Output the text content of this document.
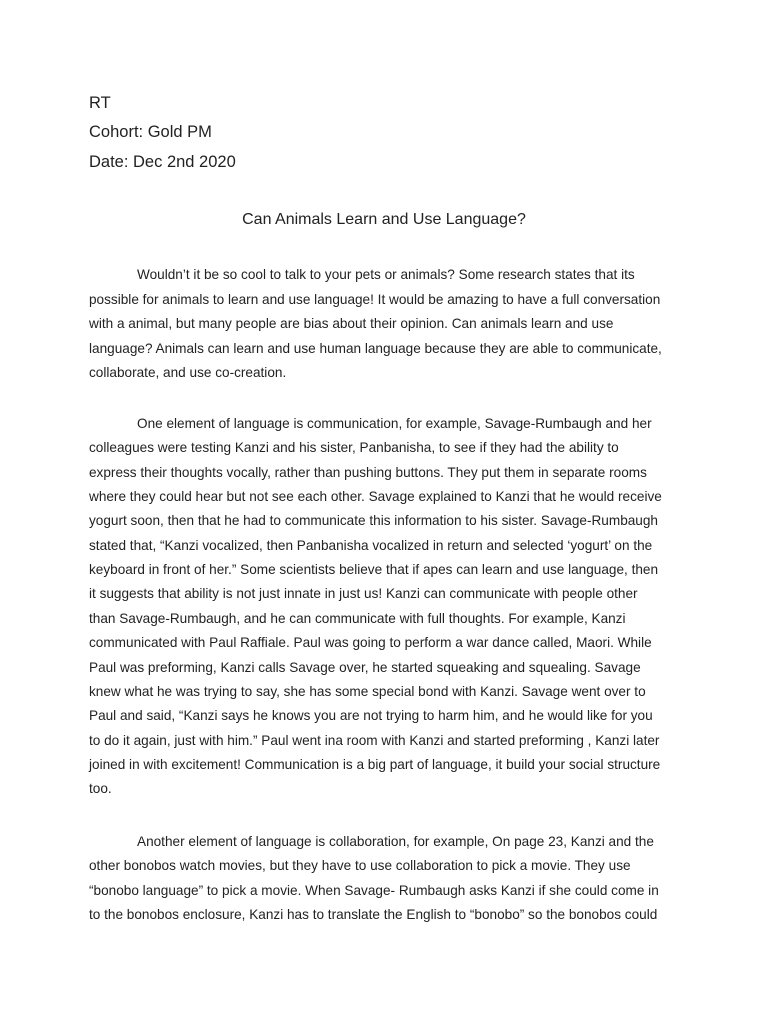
RT
Cohort: Gold PM
Date: Dec 2nd 2020
Can Animals Learn and Use Language?
Wouldn’t it be so cool to talk to your pets or animals? Some research states that its
possible for animals to learn and use language! It would be amazing to have a full conversation
with a animal, but many people are bias about their opinion. Can animals learn and use
language? Animals can learn and use human language because they are able to communicate,
collaborate, and use co-creation.
One element of language is communication, for example, Savage-Rumbaugh and her
colleagues were testing Kanzi and his sister, Panbanisha, to see if they had the ability to
express their thoughts vocally, rather than pushing buttons. They put them in separate rooms
where they could hear but not see each other. Savage explained to Kanzi that he would receive
yogurt soon, then that he had to communicate this information to his sister. Savage-Rumbaugh
stated that, “Kanzi vocalized, then Panbanisha vocalized in return and selected ‘yogurt’ on the
keyboard in front of her.” Some scientists believe that if apes can learn and use language, then
it suggests that ability is not just innate in just us! Kanzi can communicate with people other
than Savage-Rumbaugh, and he can communicate with full thoughts. For example, Kanzi
communicated with Paul Raffiale. Paul was going to perform a war dance called, Maori. While
Paul was preforming, Kanzi calls Savage over, he started squeaking and squealing. Savage
knew what he was trying to say, she has some special bond with Kanzi. Savage went over to
Paul and said, “Kanzi says he knows you are not trying to harm him, and he would like for you
to do it again, just with him.” Paul went ina room with Kanzi and started preforming , Kanzi later
joined in with excitement! Communication is a big part of language, it build your social structure
too.
Another element of language is collaboration, for example, On page 23, Kanzi and the
other bonobos watch movies, but they have to use collaboration to pick a movie. They use
“bonobo language” to pick a movie. When Savage- Rumbaugh asks Kanzi if she could come in
to the bonobos enclosure, Kanzi has to translate the English to “bonobo” so the bonobos could
